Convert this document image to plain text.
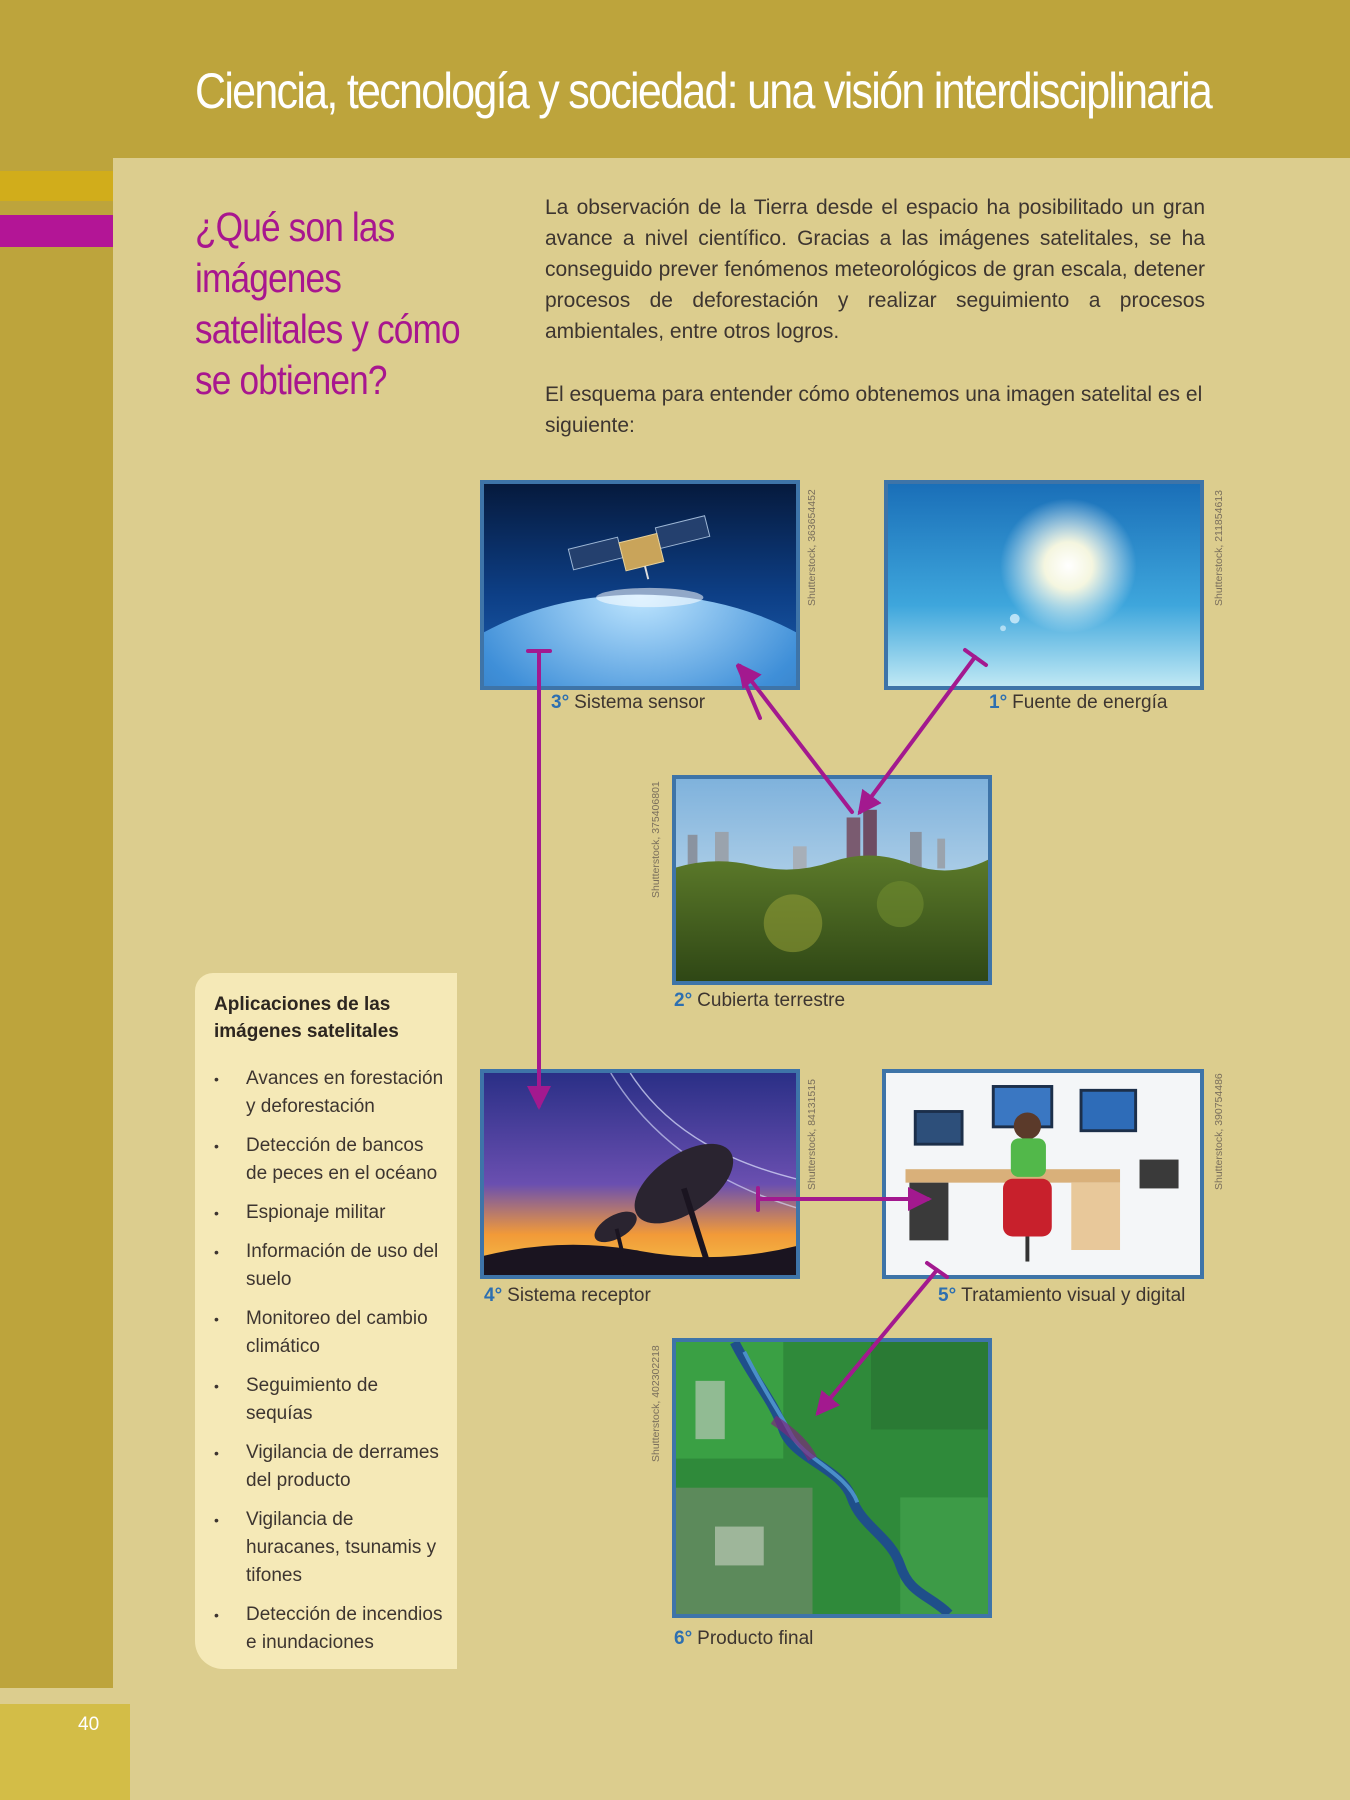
Ciencia, tecnología y sociedad: una visión interdisciplinaria
40
¿Qué son las imágenes satelitales y cómo se obtienen?

La observación de la Tierra desde el espacio ha posibilitado un gran avance a nivel científico. Gracias a las imágenes satelitales, se ha conseguido prever fenómenos meteorológicos de gran escala, detener procesos de deforestación y realizar seguimiento a procesos ambientales, entre otros logros.

El esquema para entender cómo obtenemos una imagen satelital es el siguiente:

Aplicaciones de las imágenes satelitales
• Avances en forestación y deforestación
• Detección de bancos de peces en el océano
• Espionaje militar
• Información de uso del suelo
• Monitoreo del cambio climático
• Seguimiento de sequías
• Vigilancia de derrames del producto
• Vigilancia de huracanes, tsunamis y tifones
• Detección de incendios e inundaciones
Shutterstock, 363654452
3° Sistema sensor
Shutterstock, 211854613
1° Fuente de energía
Shutterstock, 375406801
2° Cubierta terrestre
Shutterstock, 84131515
4° Sistema receptor
Shutterstock, 390754486
5° Tratamiento visual y digital
Shutterstock, 402302218
6° Producto final
